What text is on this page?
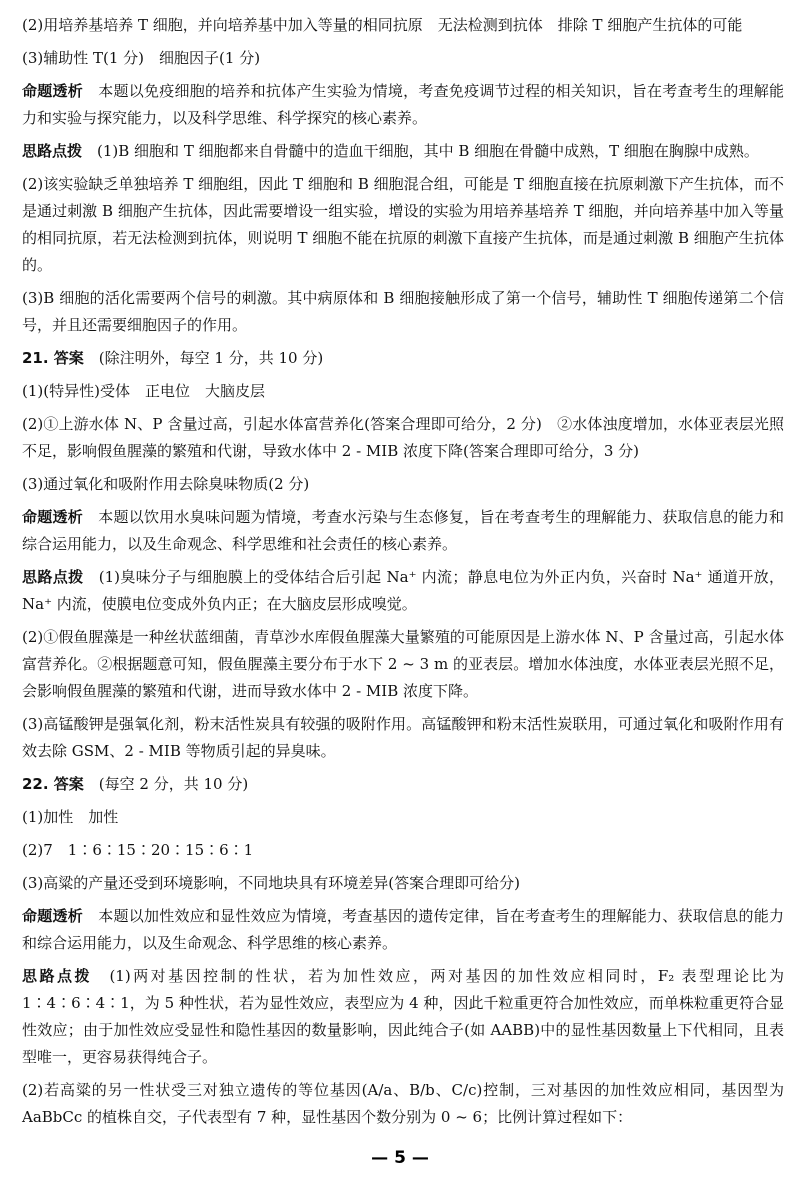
(2)用培养基培养 T 细胞，并向培养基中加入等量的相同抗原　无法检测到抗体　排除 T 细胞产生抗体的可能

(3)辅助性 T(1 分)　细胞因子(1 分)

命题透析　本题以免疫细胞的培养和抗体产生实验为情境，考查免疫调节过程的相关知识，旨在考查考生的理解能力和实验与探究能力，以及科学思维、科学探究的核心素养。

思路点拨　(1)B 细胞和 T 细胞都来自骨髓中的造血干细胞，其中 B 细胞在骨髓中成熟，T 细胞在胸腺中成熟。

(2)该实验缺乏单独培养 T 细胞组，因此 T 细胞和 B 细胞混合组，可能是 T 细胞直接在抗原刺激下产生抗体，而不是通过刺激 B 细胞产生抗体，因此需要增设一组实验，增设的实验为用培养基培养 T 细胞，并向培养基中加入等量的相同抗原，若无法检测到抗体，则说明 T 细胞不能在抗原的刺激下直接产生抗体，而是通过刺激 B 细胞产生抗体的。

(3)B 细胞的活化需要两个信号的刺激。其中病原体和 B 细胞接触形成了第一个信号，辅助性 T 细胞传递第二个信号，并且还需要细胞因子的作用。

21. 答案　(除注明外，每空 1 分，共 10 分)

(1)(特异性)受体　正电位　大脑皮层

(2)①上游水体 N、P 含量过高，引起水体富营养化(答案合理即可给分，2 分)　②水体浊度增加，水体亚表层光照不足，影响假鱼腥藻的繁殖和代谢，导致水体中 2 - MIB 浓度下降(答案合理即可给分，3 分)

(3)通过氧化和吸附作用去除臭味物质(2 分)

命题透析　本题以饮用水臭味问题为情境，考查水污染与生态修复，旨在考查考生的理解能力、获取信息的能力和综合运用能力，以及生命观念、科学思维和社会责任的核心素养。

思路点拨　(1)臭味分子与细胞膜上的受体结合后引起 Na⁺ 内流；静息电位为外正内负，兴奋时 Na⁺ 通道开放，Na⁺ 内流，使膜电位变成外负内正；在大脑皮层形成嗅觉。

(2)①假鱼腥藻是一种丝状蓝细菌，青草沙水库假鱼腥藻大量繁殖的可能原因是上游水体 N、P 含量过高，引起水体富营养化。②根据题意可知，假鱼腥藻主要分布于水下 2 ~ 3 m 的亚表层。增加水体浊度，水体亚表层光照不足，会影响假鱼腥藻的繁殖和代谢，进而导致水体中 2 - MIB 浓度下降。

(3)高锰酸钾是强氧化剂，粉末活性炭具有较强的吸附作用。高锰酸钾和粉末活性炭联用，可通过氧化和吸附作用有效去除 GSM、2 - MIB 等物质引起的异臭味。

22. 答案　(每空 2 分，共 10 分)

(1)加性　加性

(2)7　1∶6∶15∶20∶15∶6∶1

(3)高粱的产量还受到环境影响，不同地块具有环境差异(答案合理即可给分)

命题透析　本题以加性效应和显性效应为情境，考查基因的遗传定律，旨在考查考生的理解能力、获取信息的能力和综合运用能力，以及生命观念、科学思维的核心素养。

思路点拨　(1)两对基因控制的性状，若为加性效应，两对基因的加性效应相同时，F₂ 表型理论比为 1∶4∶6∶4∶1，为 5 种性状，若为显性效应，表型应为 4 种，因此千粒重更符合加性效应，而单株粒重更符合显性效应；由于加性效应受显性和隐性基因的数量影响，因此纯合子(如 AABB)中的显性基因数量上下代相同，且表型唯一，更容易获得纯合子。

(2)若高粱的另一性状受三对独立遗传的等位基因(A/a、B/b、C/c)控制，三对基因的加性效应相同，基因型为 AaBbCc 的植株自交，子代表型有 7 种，显性基因个数分别为 0 ~ 6；比例计算过程如下：

— 5 —
